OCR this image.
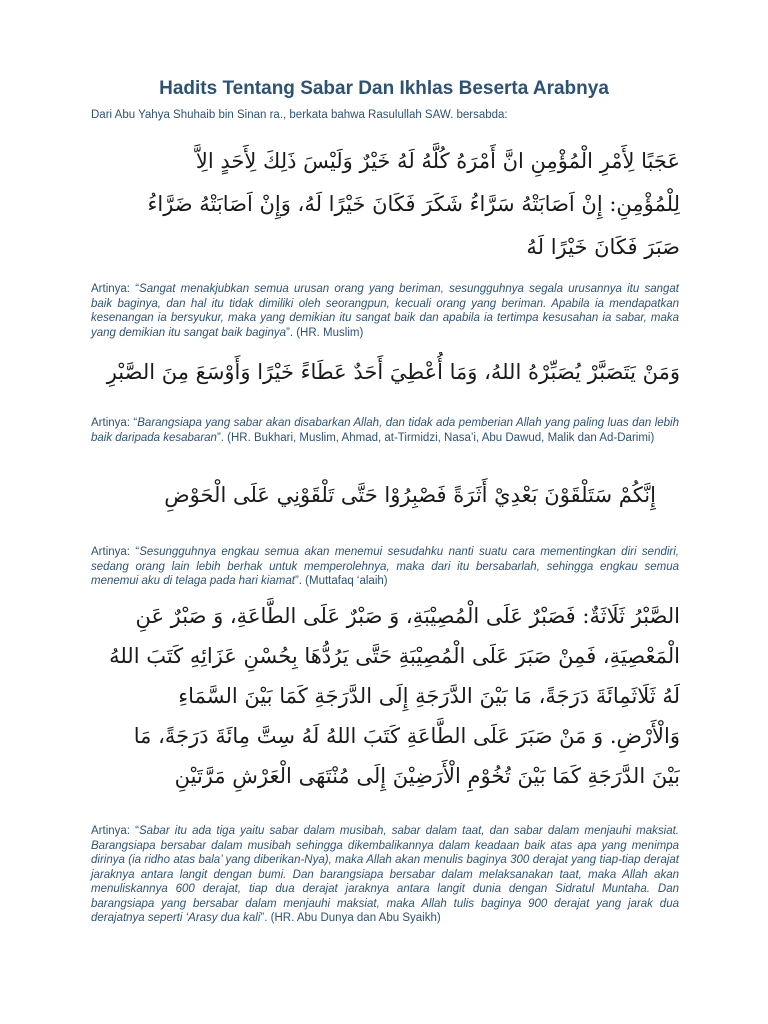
Hadits Tentang Sabar Dan Ikhlas Beserta Arabnya

Dari Abu Yahya Shuhaib bin Sinan ra., berkata bahwa Rasulullah SAW. bersabda:

عَجَبًا لِأَمْرِ الْمُؤْمِنِ انَّ أَمْرَهُ كُلَّهُ لَهُ خَيْرٌ وَلَيْسَ ذَلِكَ لِأَحَدٍ الِاَّ

لِلْمُؤْمِنِ: إِنْ اَصَابَتْهُ سَرَّاءُ شَكَرَ فَكَانَ خَيْرًا لَهُ، وَإِنْ اَصَابَتْهُ ضَرَّاءُ

صَبَرَ فَكَانَ خَيْرًا لَهُ

Artinya: “Sangat menakjubkan semua urusan orang yang beriman, sesungguhnya segala urusannya itu sangat baik baginya, dan hal itu tidak dimiliki oleh seorangpun, kecuali orang yang beriman. Apabila ia mendapatkan kesenangan ia bersyukur, maka yang demikian itu sangat baik dan apabila ia tertimpa kesusahan ia sabar, maka yang demikian itu sangat baik baginya”. (HR. Muslim)

وَمَنْ يَتَصَبَّرْ يُصَبِّرْهُ اللهُ، وَمَا أُعْطِيَ أَحَدٌ عَطَاءً خَيْرًا وَأَوْسَعَ مِنَ الصَّبْرِ

Artinya: “Barangsiapa yang sabar akan disabarkan Allah, dan tidak ada pemberian Allah yang paling luas dan lebih baik daripada kesabaran”. (HR. Bukhari, Muslim, Ahmad, at-Tirmidzi, Nasa’i, Abu Dawud, Malik dan Ad-Darimi)

إِنَّكُمْ سَتَلْقَوْنَ بَعْدِيْ أَثَرَةً فَصْبِرُوْا حَتَّى تَلْقَوْنِي عَلَى الْحَوْضِ

Artinya: “Sesungguhnya engkau semua akan menemui sesudahku nanti suatu cara mementingkan diri sendiri, sedang orang lain lebih berhak untuk memperolehnya, maka dari itu bersabarlah, sehingga engkau semua menemui aku di telaga pada hari kiamat”. (Muttafaq ‘alaih)

الصَّبْرُ ثَلَاثَةٌ: فَصَبْرٌ عَلَى الْمُصِيْبَةِ، وَ صَبْرٌ عَلَى الطَّاعَةِ، وَ صَبْرٌ عَنِ

الْمَعْصِيَةِ، فَمِنْ صَبَرَ عَلَى الْمُصِيْبَةِ حَتَّى يَرُدُّهَا بِحُسْنِ عَزَائِهِ كَتَبَ اللهُ

لَهُ ثَلَاثَمِائَةَ دَرَجَةً، مَا بَيْنَ الدَّرَجَةِ إِلَى الدَّرَجَةِ كَمَا بَيْنَ السَّمَاءِ

وَالْأَرْضِ. وَ مَنْ صَبَرَ عَلَى الطَّاعَةِ كَتَبَ اللهُ لَهُ سِتَّ مِائَةَ دَرَجَةً، مَا

بَيْنَ الدَّرَجَةِ كَمَا بَيْنَ تُخُوْمِ الْأَرَضِيْنَ إِلَى مُنْتَهَى الْعَرْشِ مَرَّتَيْنِ

Artinya: “Sabar itu ada tiga yaitu sabar dalam musibah, sabar dalam taat, dan sabar dalam menjauhi maksiat. Barangsiapa bersabar dalam musibah sehingga dikembalikannya dalam keadaan baik atas apa yang menimpa dirinya (ia ridho atas bala’ yang diberikan-Nya), maka Allah akan menulis baginya 300 derajat yang tiap-tiap derajat jaraknya antara langit dengan bumi. Dan barangsiapa bersabar dalam melaksanakan taat, maka Allah akan menuliskannya 600 derajat, tiap dua derajat jaraknya antara langit dunia dengan Sidratul Muntaha. Dan barangsiapa yang bersabar dalam menjauhi maksiat, maka Allah tulis baginya 900 derajat yang jarak dua derajatnya seperti ‘Arasy dua kali”. (HR. Abu Dunya dan Abu Syaikh)
